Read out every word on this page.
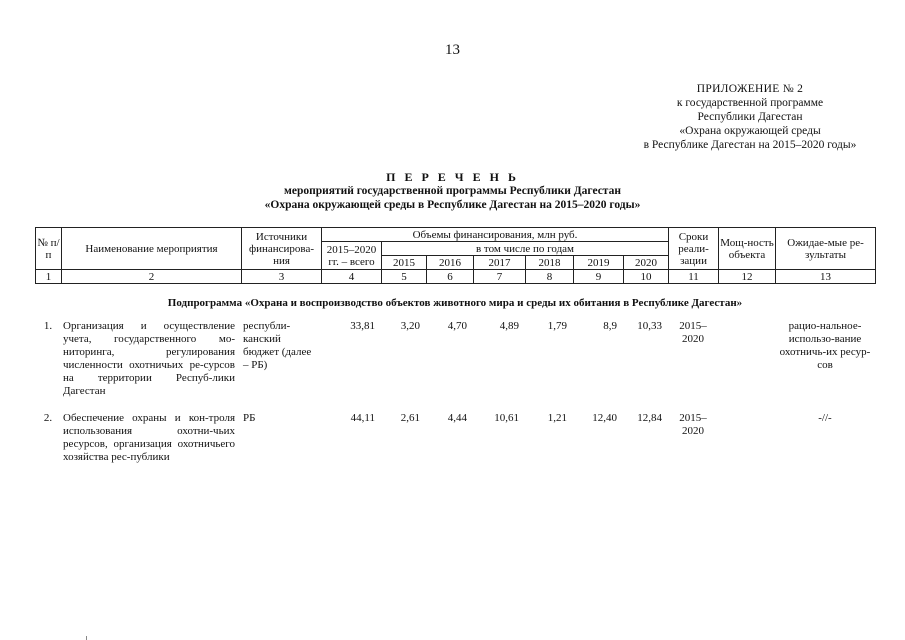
13
ПРИЛОЖЕНИЕ № 2
к государственной программе
Республики Дагестан
«Охрана окружающей среды
в Республике Дагестан на 2015–2020 годы»
П Е Р Е Ч Е Н Ь
мероприятий государственной программы Республики Дагестан
«Охрана окружающей среды в Республике Дагестан на 2015–2020 годы»
№ п/п	Наименование мероприятия	Источники финансирова-ния	Объемы финансирования, млн руб.							Сроки реали-зации	Мощ-ность объекта	Ожидае-мые ре-зультаты
			2015–2020 гг. – всего	в том числе по годам								
				2015	2016	2017	2018	2019	2020			
1	2	3	4	5	6	7	8	9	10	11	12	13
Подпрограмма «Охрана и воспроизводство объектов животного мира и среды их обитания в Республике Дагестан»
1.	Организация и осуществление учета, государственного мо-ниторинга, регулирования численности охотничьих ре-сурсов на территории Респуб-лики Дагестан	республи-канский бюджет (далее – РБ)	33,81	3,20	4,70	4,89	1,79	8,9	10,33	2015–2020		рацио-нальное-использо-вание охотничь-их ресур-сов

2.	Обеспечение охраны и кон-троля использования охотни-чьих ресурсов, организация охотничьего хозяйства рес-публики	РБ	44,11	2,61	4,44	10,61	1,21	12,40	12,84	2015–2020		-//-
